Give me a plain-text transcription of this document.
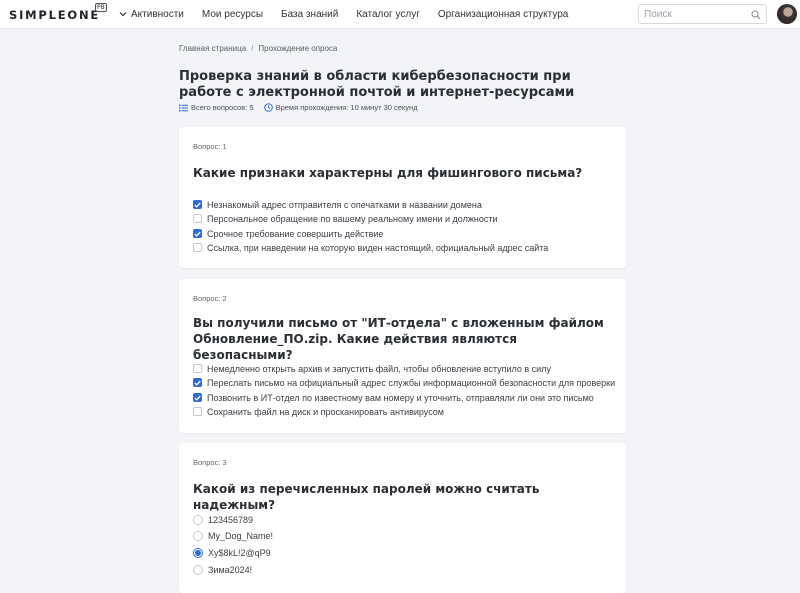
SIMPLEONE
PB
Активности Мои ресурсы База знаний Каталог услуг Организационная структура
Поиск
Главная страница / Прохождение опроса
Проверка знаний в области кибербезопасности при работе с электронной почтой и интернет-ресурсами
Всего вопросов: 5	Время прохождения: 10 минут 30 секунд
Вопрос: 1
Какие признаки характерны для фишингового письма?
Незнакомый адрес отправителя с опечатками в названии домена
Персональное обращение по вашему реальному имени и должности
Срочное требование совершить действие
Ссылка, при наведении на которую виден настоящий, официальный адрес сайта
Вопрос: 2
Вы получили письмо от "ИТ-отдела" с вложенным файлом Обновление_ПО.zip. Какие действия являются безопасными?
Немедленно открыть архив и запустить файл, чтобы обновление вступило в силу
Переслать письмо на официальный адрес службы информационной безопасности для проверки
Позвонить в ИТ-отдел по известному вам номеру и уточнить, отправляли ли они это письмо
Сохранить файл на диск и просканировать антивирусом
Вопрос: 3
Какой из перечисленных паролей можно считать надежным?
123456789
My_Dog_Name!
Xy$8kL!2@qP9
Зима2024!
